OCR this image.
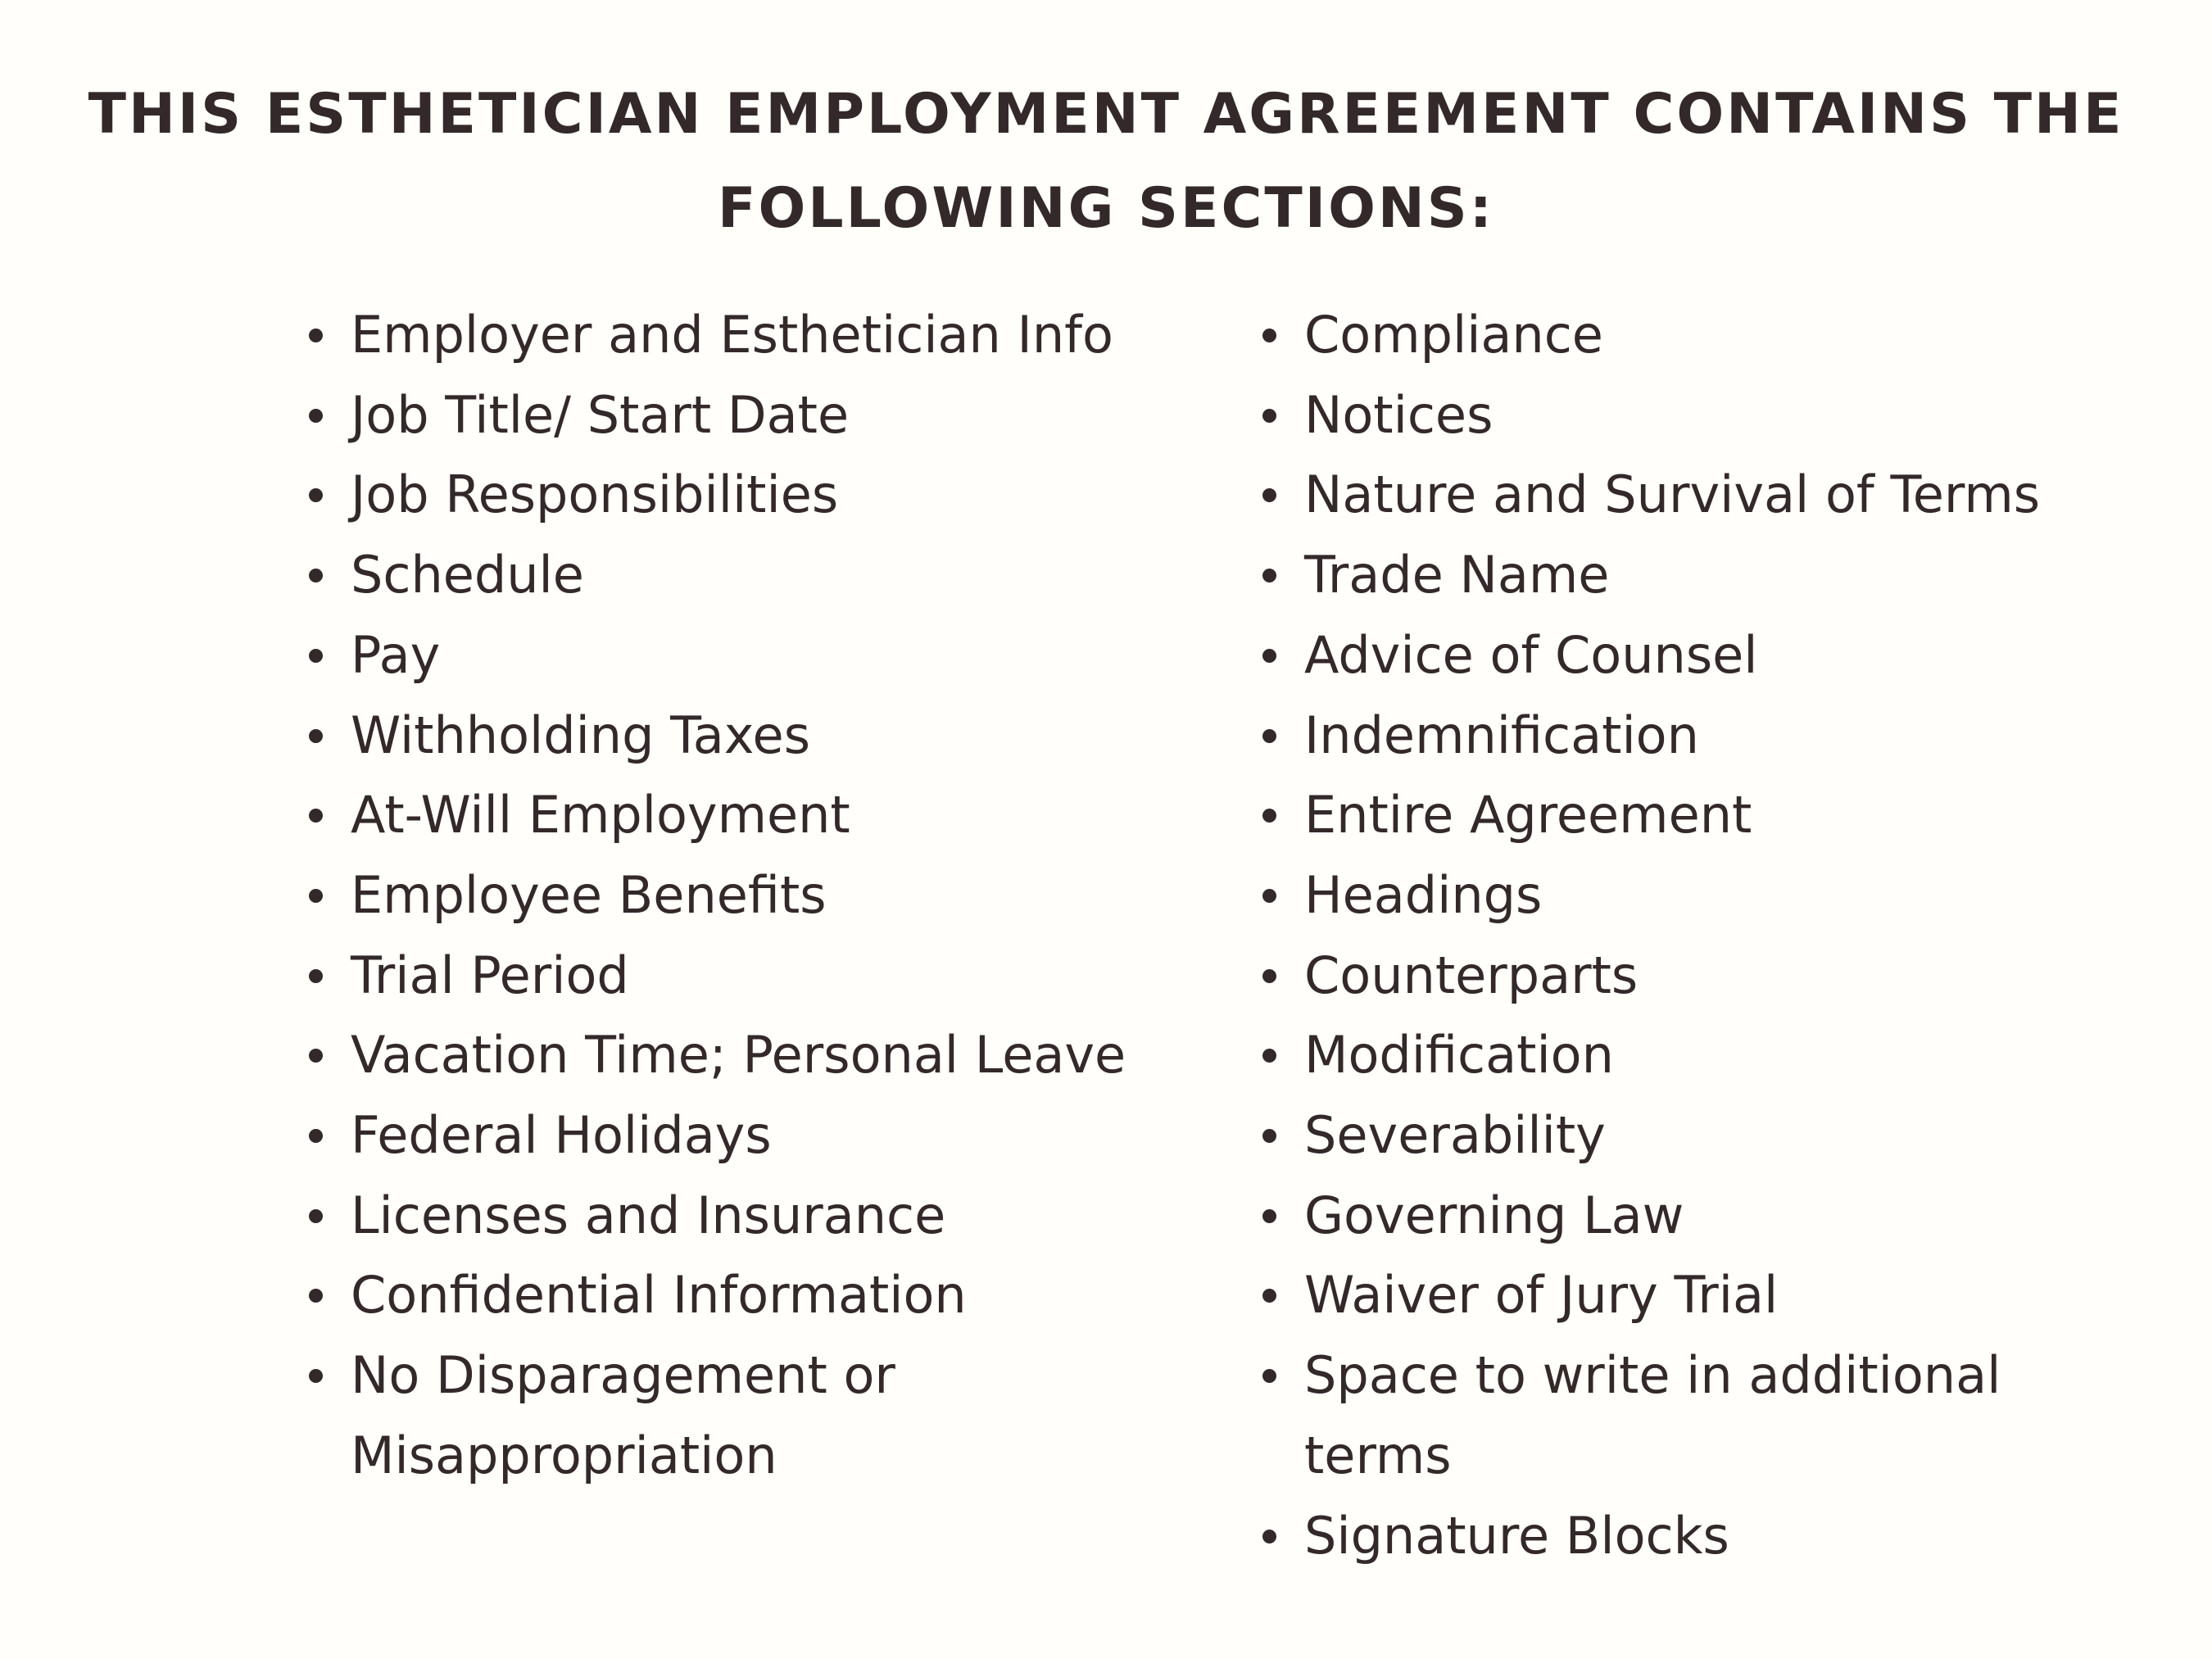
THIS ESTHETICIAN EMPLOYMENT AGREEMENT CONTAINS THE
FOLLOWING SECTIONS:
Employer and Esthetician Info
Job Title/ Start Date
Job Responsibilities
Schedule
Pay
Withholding Taxes
At-Will Employment
Employee Benefits
Trial Period
Vacation Time; Personal Leave
Federal Holidays
Licenses and Insurance
Confidential Information
No Disparagement or
Misappropriation
Compliance
Notices
Nature and Survival of Terms
Trade Name
Advice of Counsel
Indemnification
Entire Agreement
Headings
Counterparts
Modification
Severability
Governing Law
Waiver of Jury Trial
Space to write in additional
terms
Signature Blocks
